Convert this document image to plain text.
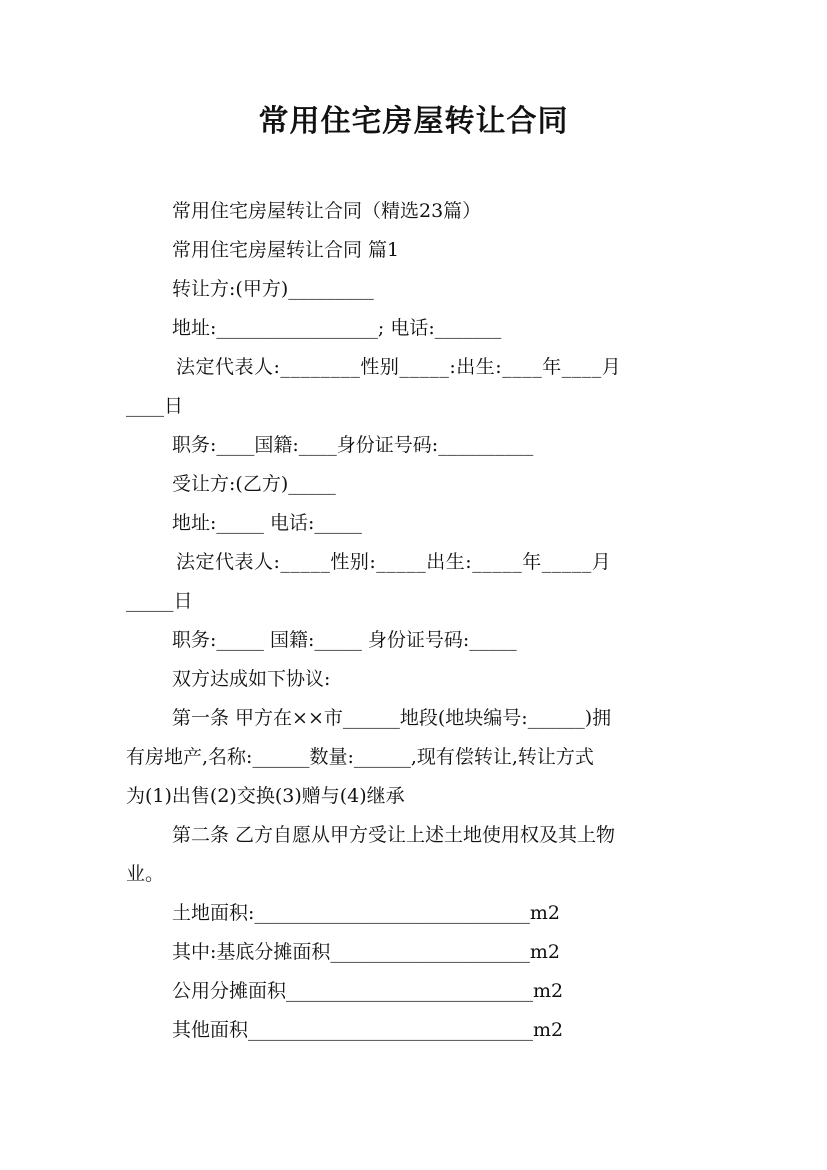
常用住宅房屋转让合同
常用住宅房屋转让合同（精选23篇）
常用住宅房屋转让合同 篇1
转让方:(甲方)_________
地址:_________________; 电话:_______
法定代表人:________性别_____:出生:____年____月
____日
职务:____国籍:____身份证号码:__________
受让方:(乙方)_____
地址:_____ 电话:_____
法定代表人:_____性别:_____出生:_____年_____月
_____日
职务:_____ 国籍:_____ 身份证号码:_____
双方达成如下协议:
第一条 甲方在××市______地段(地块编号:______)拥
有房地产,名称:______数量:______,现有偿转让,转让方式
为(1)出售(2)交换(3)赠与(4)继承
第二条 乙方自愿从甲方受让上述土地使用权及其上物
业。
土地面积:_____________________________m2
其中:基底分摊面积_____________________m2
公用分摊面积__________________________m2
其他面积______________________________m2
